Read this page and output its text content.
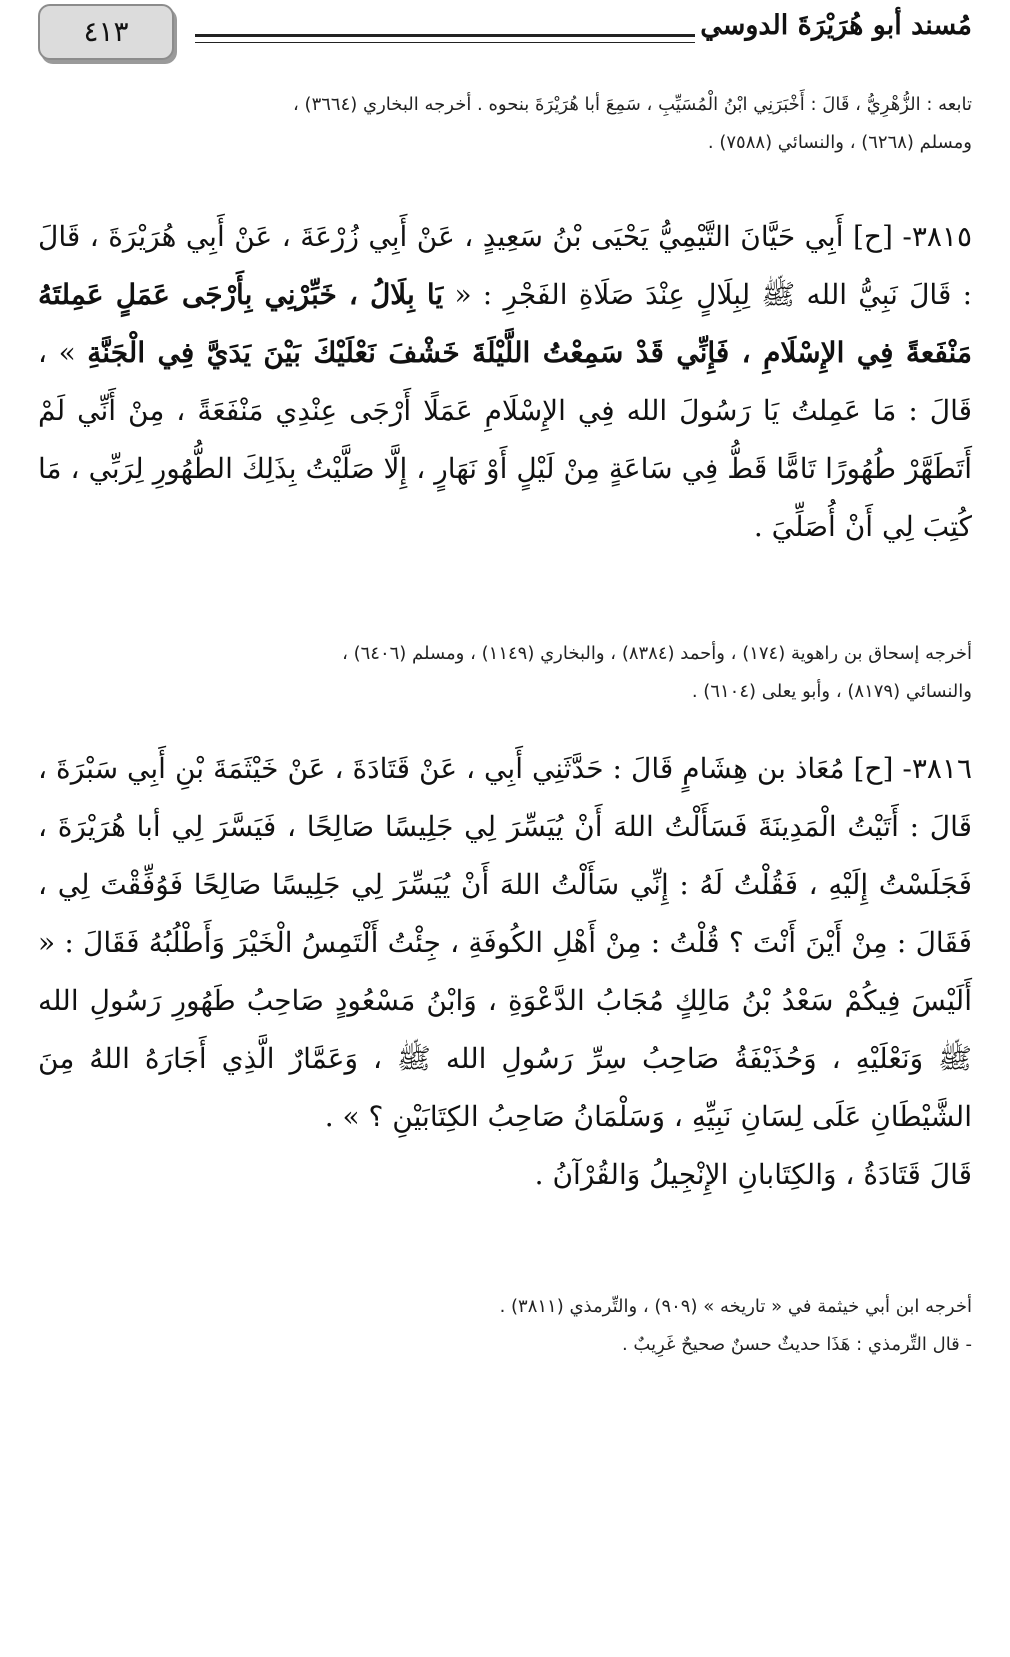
٤١٣	مُسند أبو هُرَيْرَةَ الدوسي
تابعه : الزُّهْرِيُّ ، قَالَ : أَخْبَرَنِي ابْنُ الْمُسَيِّبِ ، سَمِعَ أبا هُرَيْرَةَ بنحوه . أخرجه البخاري (٣٦٦٤) ،
ومسلم (٦٢٦٨) ، والنسائي (٧٥٨٨) .
٣٨١٥- [ح] أَبِي حَيَّانَ التَّيْمِيُّ يَحْيَى بْنُ سَعِيدٍ ، عَنْ أَبِي زُرْعَةَ ، عَنْ أَبِي هُرَيْرَةَ ، قَالَ : قَالَ نَبِيُّ الله ﷺ لِبِلَالٍ عِنْدَ صَلَاةِ الفَجْرِ : « يَا بِلَالُ ، خَبِّرْنِي بِأَرْجَى عَمَلٍ عَمِلتَهُ مَنْفَعةً فِي الإِسْلَامِ ، فَإِنِّي قَدْ سَمِعْتُ اللَّيْلَةَ خَشْفَ نَعْلَيْكَ بَيْنَ يَدَيَّ فِي الْجَنَّةِ » ، قَالَ : مَا عَمِلتُ يَا رَسُولَ الله فِي الإِسْلَامِ عَمَلًا أَرْجَى عِنْدِي مَنْفَعَةً ، مِنْ أَنِّي لَمْ أَتَطَهَّرْ طُهُورًا تَامًّا قَطُّ فِي سَاعَةٍ مِنْ لَيْلٍ أَوْ نَهَارٍ ، إِلَّا صَلَّيْتُ بِذَلِكَ الطُّهُورِ لِرَبِّي ، مَا كُتِبَ لِي أَنْ أُصَلِّيَ .
أخرجه إسحاق بن راهوية (١٧٤) ، وأحمد (٨٣٨٤) ، والبخاري (١١٤٩) ، ومسلم (٦٤٠٦) ،
والنسائي (٨١٧٩) ، وأبو يعلى (٦١٠٤) .
٣٨١٦- [ح] مُعَاذ بن هِشَامٍ قَالَ : حَدَّثَنِي أَبِي ، عَنْ قَتَادَةَ ، عَنْ خَيْثَمَةَ بْنِ أَبِي سَبْرَةَ ، قَالَ : أَتَيْتُ الْمَدِينَةَ فَسَأَلْتُ اللهَ أَنْ يُيَسِّرَ لِي جَلِيسًا صَالِحًا ، فَيَسَّرَ لِي أبا هُرَيْرَةَ ، فَجَلَسْتُ إِلَيْهِ ، فَقُلْتُ لَهُ : إِنِّي سَأَلْتُ اللهَ أَنْ يُيَسِّرَ لِي جَلِيسًا صَالِحًا فَوُفِّقْتَ لِي ، فَقَالَ : مِنْ أَيْنَ أَنْتَ ؟ قُلْتُ : مِنْ أَهْلِ الكُوفَةِ ، جِئْتُ أَلْتَمِسُ الْخَيْرَ وَأَطْلُبُهُ فَقَالَ : « أَلَيْسَ فِيكُمْ سَعْدُ بْنُ مَالِكٍ مُجَابُ الدَّعْوَةِ ، وَابْنُ مَسْعُودٍ صَاحِبُ طَهُورِ رَسُولِ الله ﷺ وَنَعْلَيْهِ ، وَحُذَيْفَةُ صَاحِبُ سِرِّ رَسُولِ الله ﷺ ، وَعَمَّارٌ الَّذِي أَجَارَهُ اللهُ مِنَ الشَّيْطَانِ عَلَى لِسَانِ نَبِيِّهِ ، وَسَلْمَانُ صَاحِبُ الكِتَابَيْنِ ؟ » .
قَالَ قَتَادَةُ ، وَالكِتَابانِ الإِنْجِيلُ وَالقُرْآنُ .
أخرجه ابن أبي خيثمة في « تاريخه » (٩٠٩) ، والتِّرمذي (٣٨١١) .
- قال التِّرمذي : هَذَا حديثٌ حسنٌ صحيحٌ غَرِيبٌ .
